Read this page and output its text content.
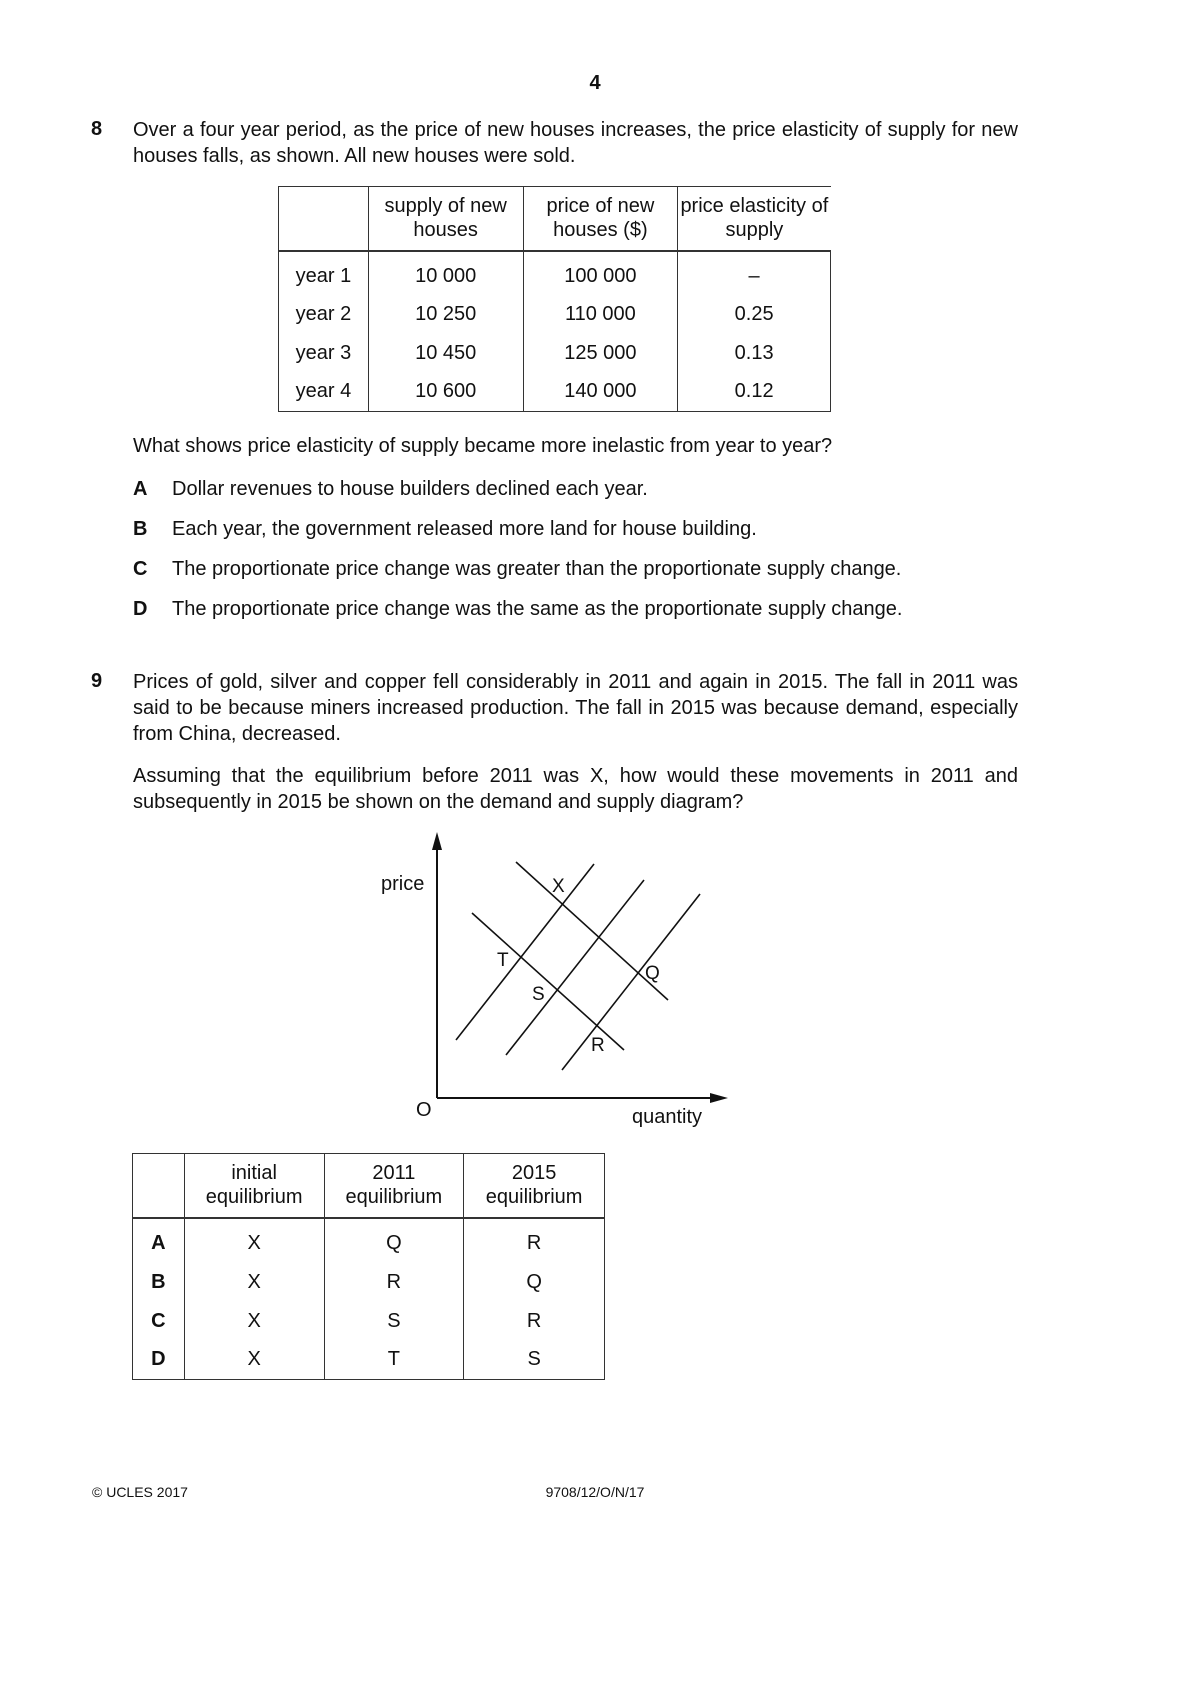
4
8 Over a four year period, as the price of new houses increases, the price elasticity of supply for new houses falls, as shown. All new houses were sold.
	supply of new houses	price of new houses ($)	price elasticity of supply
year 1	10 000	100 000	–
year 2	10 250	110 000	0.25
year 3	10 450	125 000	0.13
year 4	10 600	140 000	0.12
What shows price elasticity of supply became more inelastic from year to year?
A Dollar revenues to house builders declined each year.
B Each year, the government released more land for house building.
C The proportionate price change was greater than the proportionate supply change.
D The proportionate price change was the same as the proportionate supply change.
9 Prices of gold, silver and copper fell considerably in 2011 and again in 2015. The fall in 2011 was said to be because miners increased production. The fall in 2015 was because demand, especially from China, decreased.
Assuming that the equilibrium before 2011 was X, how would these movements in 2011 and subsequently in 2015 be shown on the demand and supply diagram?
price
quantity
O
X
T
S
Q
R
	initial equilibrium	2011 equilibrium	2015 equilibrium
A	X	Q	R
B	X	R	Q
C	X	S	R
D	X	T	S
© UCLES 2017	9708/12/O/N/17
